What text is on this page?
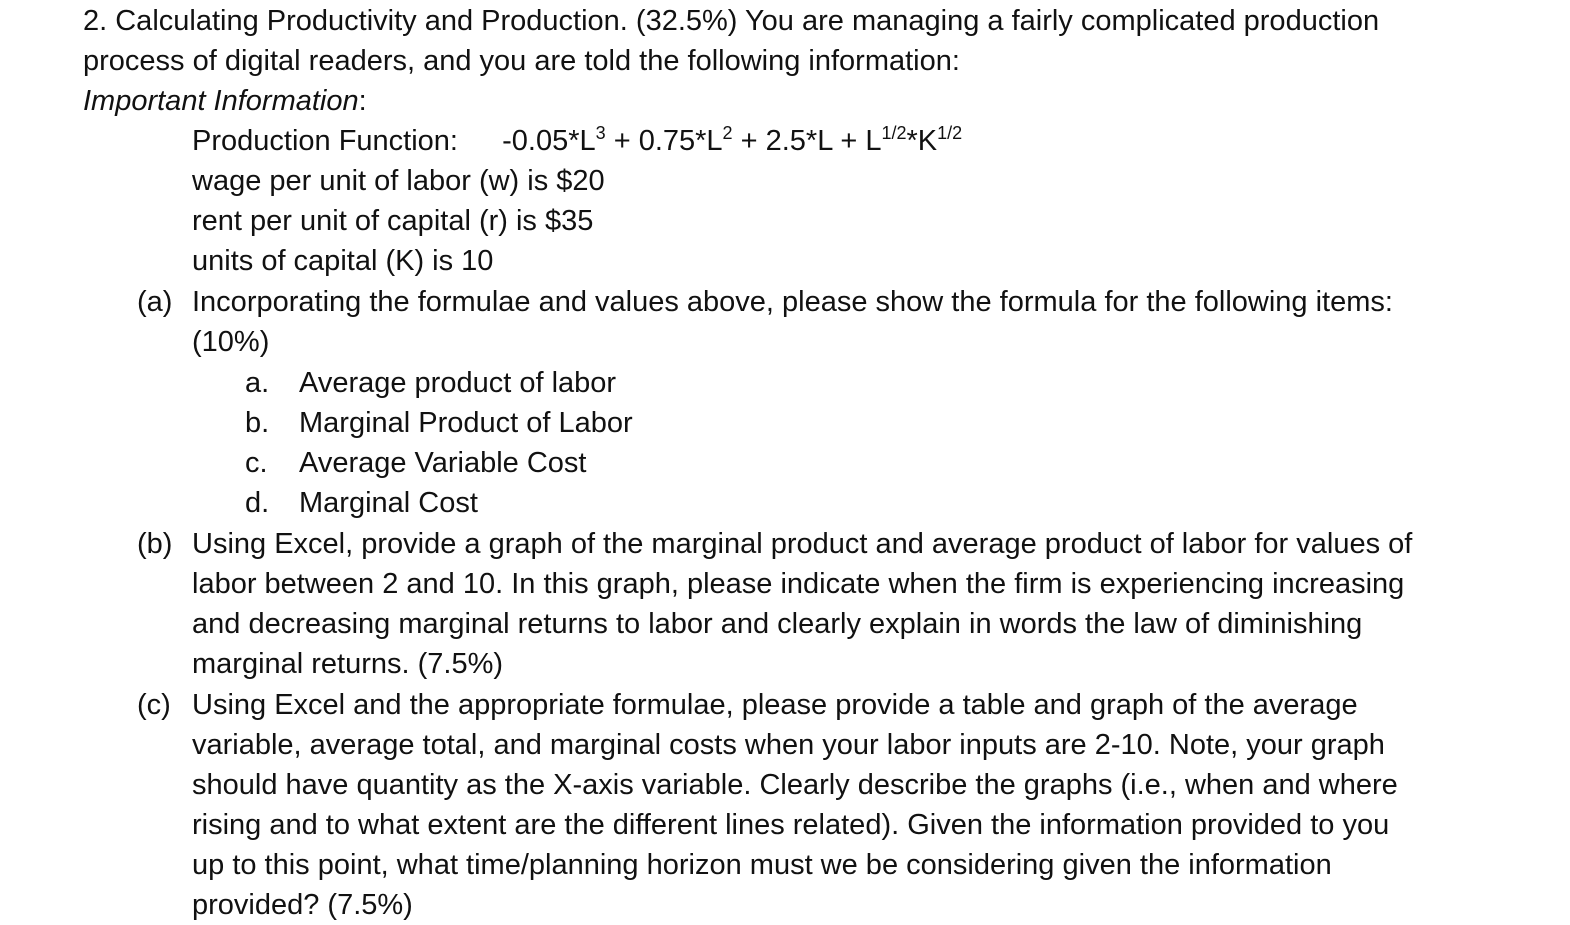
2. Calculating Productivity and Production. (32.5%) You are managing a fairly complicated production
process of digital readers, and you are told the following information:
Important Information:
Production Function: $-0.05*L^3 + 0.75*L^2 + 2.5*L + L^{1/2}*K^{1/2}$
wage per unit of labor (w) is $20
rent per unit of capital (r) is $35
units of capital (K) is 10
(a) Incorporating the formulae and values above, please show the formula for the following items:
(10%)
a. Average product of labor
b. Marginal Product of Labor
c. Average Variable Cost
d. Marginal Cost
(b) Using Excel, provide a graph of the marginal product and average product of labor for values of
labor between 2 and 10. In this graph, please indicate when the firm is experiencing increasing
and decreasing marginal returns to labor and clearly explain in words the law of diminishing
marginal returns. (7.5%)
(c) Using Excel and the appropriate formulae, please provide a table and graph of the average
variable, average total, and marginal costs when your labor inputs are 2-10. Note, your graph
should have quantity as the X-axis variable. Clearly describe the graphs (i.e., when and where
rising and to what extent are the different lines related). Given the information provided to you
up to this point, what time/planning horizon must we be considering given the information
provided? (7.5%)
